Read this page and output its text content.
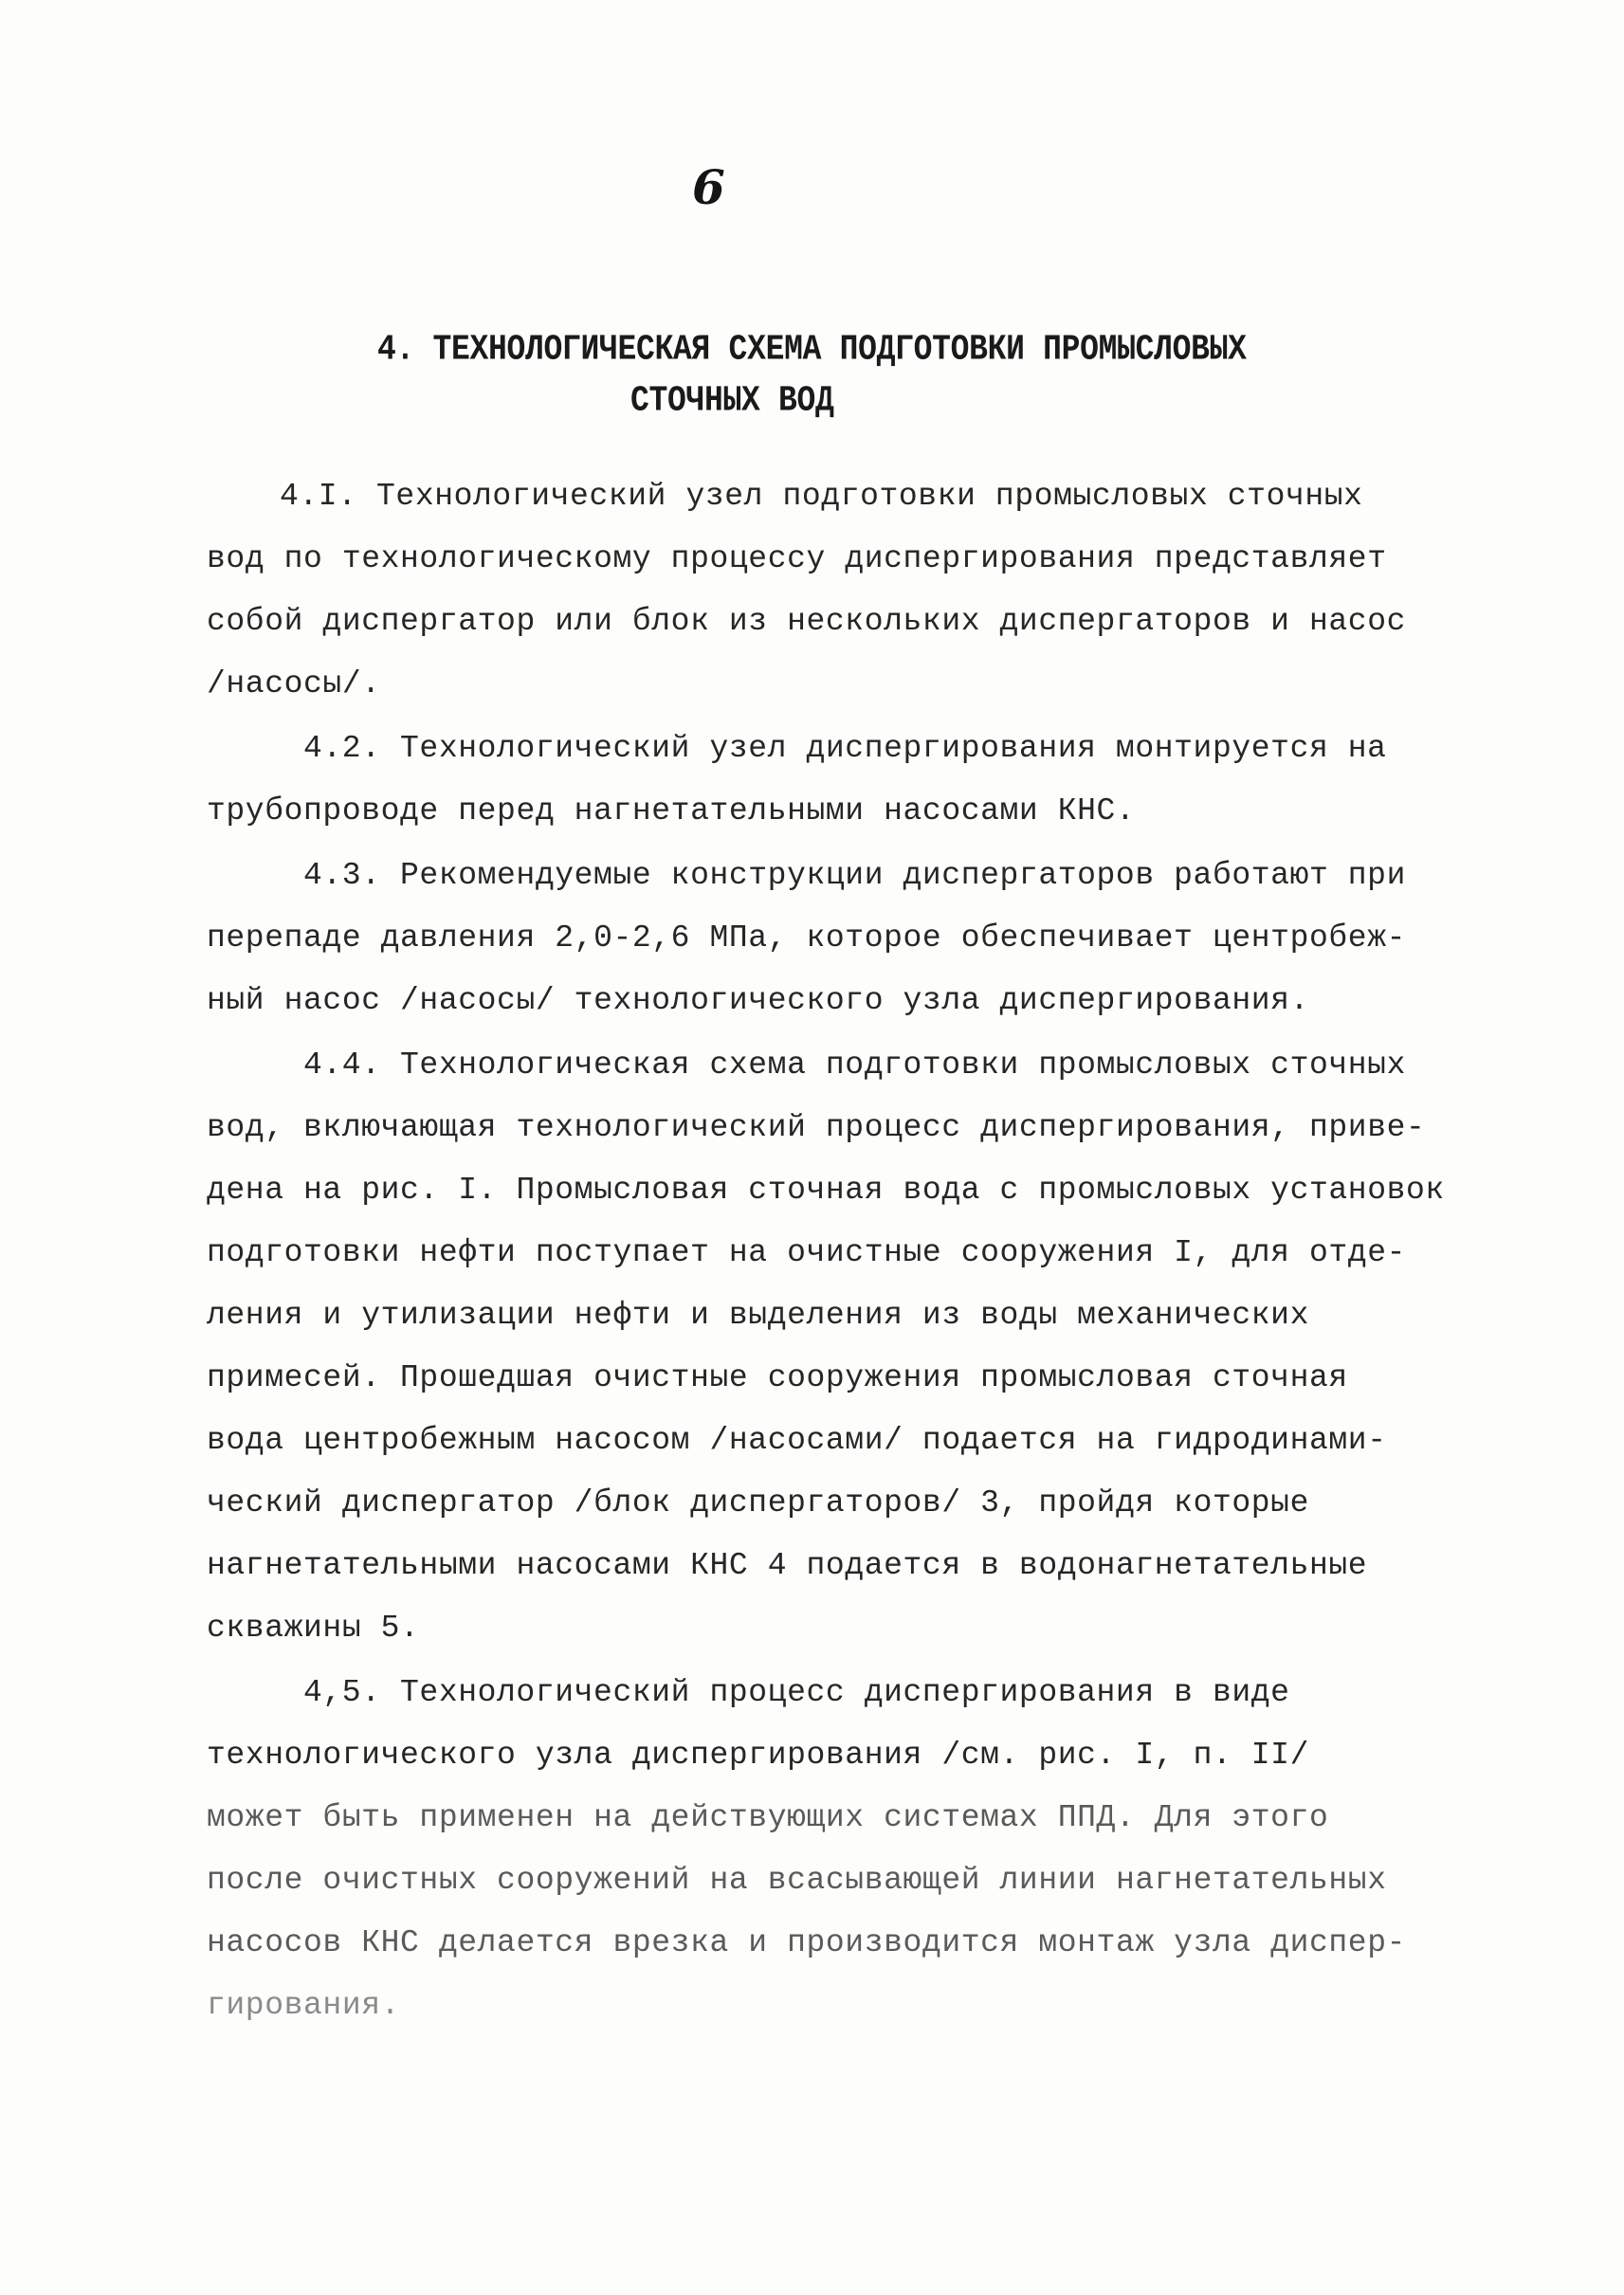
6
4. ТЕХНОЛОГИЧЕСКАЯ СХЕМА ПОДГОТОВКИ ПРОМЫСЛОВЫХ
СТОЧНЫХ ВОД
4.I. Технологический узел подготовки промысловых сточных
вод по технологическому процессу диспергирования представляет
собой диспергатор или блок из нескольких диспергаторов и насос
/насосы/.
4.2. Технологический узел диспергирования монтируется на
трубопроводе перед нагнетательными насосами КНС.
4.3. Рекомендуемые конструкции диспергаторов работают при
перепаде давления 2,0-2,6 МПа, которое обеспечивает центробеж-
ный насос /насосы/ технологического узла диспергирования.
4.4. Технологическая схема подготовки промысловых сточных
вод, включающая технологический процесс диспергирования, приве-
дена на рис. I. Промысловая сточная вода с промысловых установок
подготовки нефти поступает на очистные сооружения I, для отде-
ления и утилизации нефти и выделения из воды механических
примесей. Прошедшая очистные сооружения промысловая сточная
вода центробежным насосом /насосами/ подается на гидродинами-
ческий диспергатор /блок диспергаторов/ 3, пройдя которые
нагнетательными насосами КНС 4 подается в водонагнетательные
скважины 5.
4,5. Технологический процесс диспергирования в виде
технологического узла диспергирования /см. рис. I, п. II/
может быть применен на действующих системах ППД. Для этого
после очистных сооружений на всасывающей линии нагнетательных
насосов КНС делается врезка и производится монтаж узла диспер-
гирования.
